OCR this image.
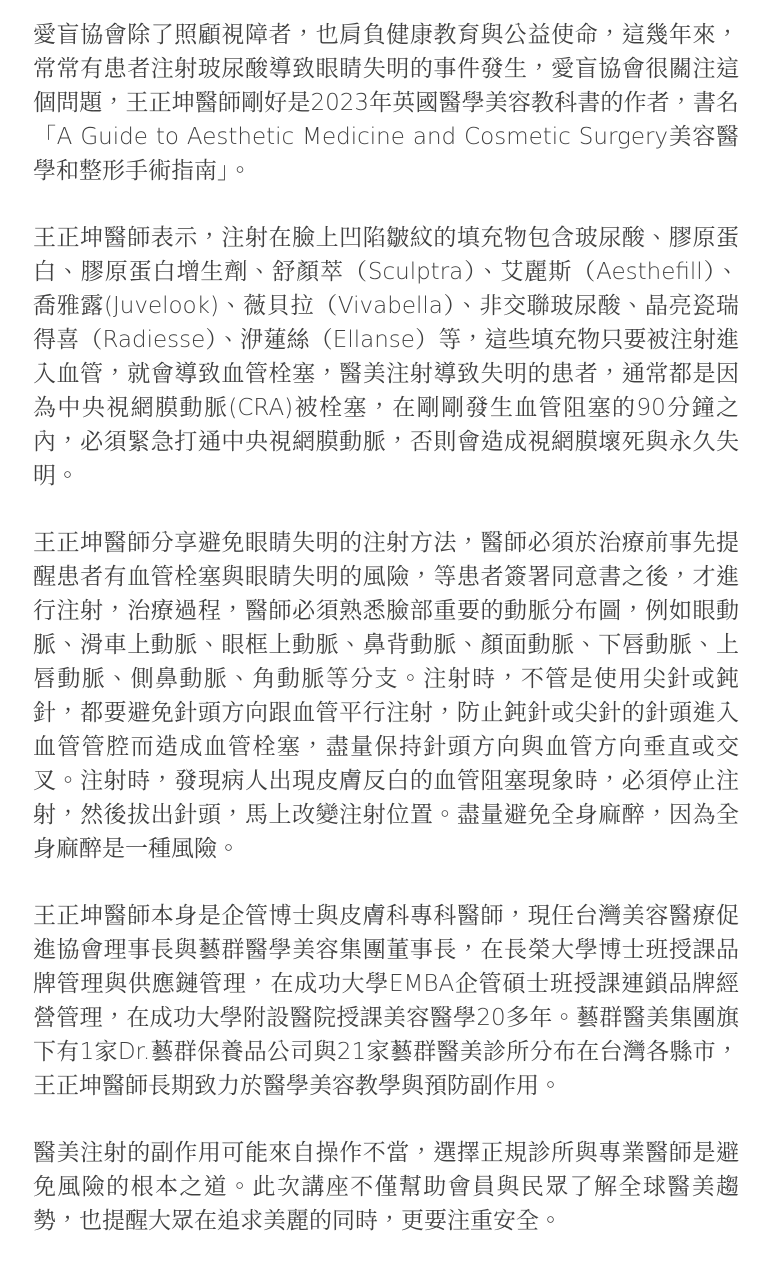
愛盲協會除了照顧視障者，也肩負健康教育與公益使命，這幾年來，常常有患者注射玻尿酸導致眼睛失明的事件發生，愛盲協會很關注這個問題，王正坤醫師剛好是2023年英國醫學美容教科書的作者，書名「A Guide to Aesthetic Medicine and Cosmetic Surgery美容醫學和整形手術指南」。

王正坤醫師表示，注射在臉上凹陷皺紋的填充物包含玻尿酸、膠原蛋白、膠原蛋白增生劑、舒顏萃（Sculptra）、艾麗斯（Aesthefill）、喬雅露(Juvelook)、薇貝拉（Vivabella）、非交聯玻尿酸、晶亮瓷瑞得喜（Radiesse）、洢蓮絲（Ellanse）等，這些填充物只要被注射進入血管，就會導致血管栓塞，醫美注射導致失明的患者，通常都是因為中央視網膜動脈(CRA)被栓塞，在剛剛發生血管阻塞的90分鐘之內，必須緊急打通中央視網膜動脈，否則會造成視網膜壞死與永久失明。

王正坤醫師分享避免眼睛失明的注射方法，醫師必須於治療前事先提醒患者有血管栓塞與眼睛失明的風險，等患者簽署同意書之後，才進行注射，治療過程，醫師必須熟悉臉部重要的動脈分布圖，例如眼動脈、滑車上動脈、眼框上動脈、鼻背動脈、顏面動脈、下唇動脈、上唇動脈、側鼻動脈、角動脈等分支。注射時，不管是使用尖針或鈍針，都要避免針頭方向跟血管平行注射，防止鈍針或尖針的針頭進入血管管腔而造成血管栓塞，盡量保持針頭方向與血管方向垂直或交叉。注射時，發現病人出現皮膚反白的血管阻塞現象時，必須停止注射，然後拔出針頭，馬上改變注射位置。盡量避免全身麻醉，因為全身麻醉是一種風險。

王正坤醫師本身是企管博士與皮膚科專科醫師，現任台灣美容醫療促進協會理事長與藝群醫學美容集團董事長，在長榮大學博士班授課品牌管理與供應鏈管理，在成功大學EMBA企管碩士班授課連鎖品牌經營管理，在成功大學附設醫院授課美容醫學20多年。藝群醫美集團旗下有1家Dr.藝群保養品公司與21家藝群醫美診所分布在台灣各縣市，王正坤醫師長期致力於醫學美容教學與預防副作用。

醫美注射的副作用可能來自操作不當，選擇正規診所與專業醫師是避免風險的根本之道。此次講座不僅幫助會員與民眾了解全球醫美趨勢，也提醒大眾在追求美麗的同時，更要注重安全。
